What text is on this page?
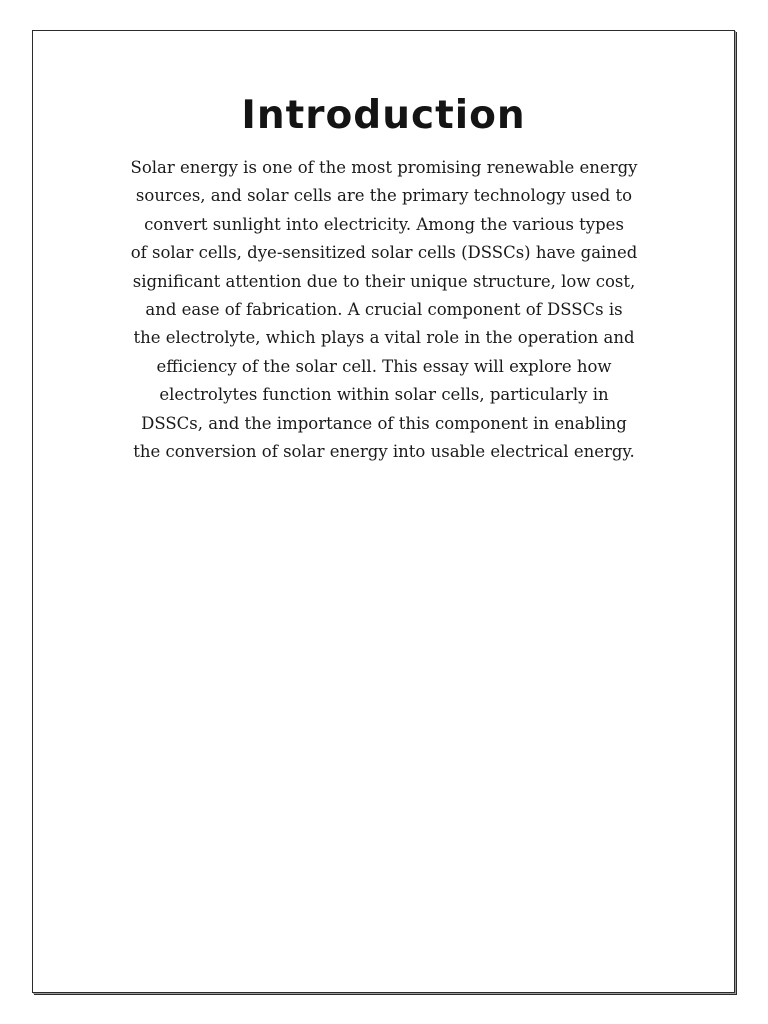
Introduction

Solar energy is one of the most promising renewable energy
sources, and solar cells are the primary technology used to
convert sunlight into electricity. Among the various types
of solar cells, dye-sensitized solar cells (DSSCs) have gained
significant attention due to their unique structure, low cost,
and ease of fabrication. A crucial component of DSSCs is
the electrolyte, which plays a vital role in the operation and
efficiency of the solar cell. This essay will explore how
electrolytes function within solar cells, particularly in
DSSCs, and the importance of this component in enabling
the conversion of solar energy into usable electrical energy.
